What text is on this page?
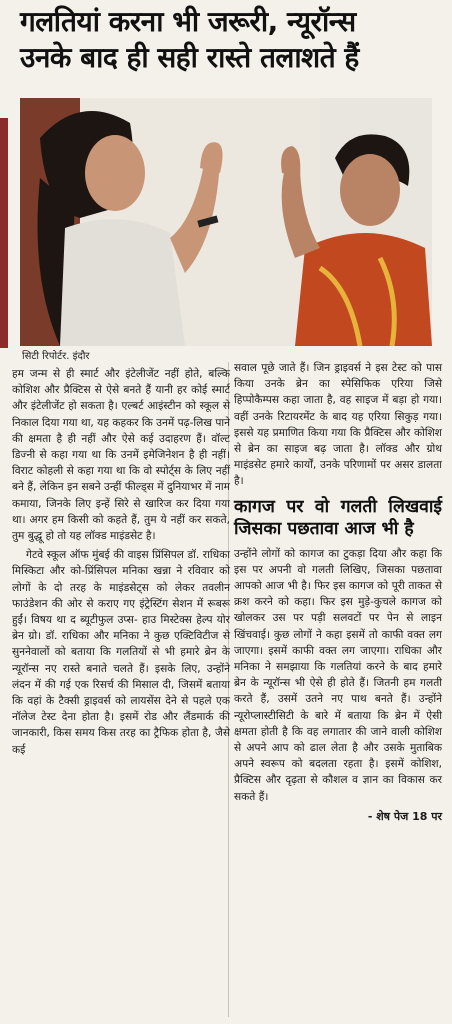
गलतियां करना भी जरूरी, न्यूरॉन्स
उनके बाद ही सही रास्ते तलाशते हैं
सिटी रिपोर्टर. इंदौर

हम जन्म से ही स्मार्ट और इंटेलीजेंट नहीं होते, बल्कि कोशिश और प्रैक्टिस से ऐसे बनते हैं यानी हर कोई स्मार्ट और इंटेलीजेंट हो सकता है। एल्बर्ट आइंस्टीन को स्कूल से निकाल दिया गया था, यह कहकर कि उनमें पढ़-लिख पाने की क्षमता है ही नहीं और ऐसे कई उदाहरण हैं। वॉल्ट डिज्नी से कहा गया था कि उनमें इमेजिनेशन है ही नहीं। विराट कोहली से कहा गया था कि वो स्पोर्ट्स के लिए नहीं बने हैं, लेकिन इन सबने उन्हीं फील्ड्स में दुनियाभर में नाम कमाया, जिनके लिए इन्हें सिरे से खारिज कर दिया गया था। अगर हम किसी को कहते हैं, तुम ये नहीं कर सकते, तुम बुद्धू हो तो यह लॉक्ड माइंडसेट है।

गेटवे स्कूल ऑफ मुंबई की वाइस प्रिंसिपल डॉ. राधिका मिस्किटा और को-प्रिंसिपल मनिका खन्ना ने रविवार को लोगों के दो तरह के माइंडसेट्स को लेकर तवलीन फाउंडेशन की ओर से कराए गए इंट्रेस्टिंग सेशन में रूबरू हुईं। विषय था द ब्यूटीफुल उप्स- हाउ मिस्टेक्स हेल्प योर ब्रेन ग्रो। डॉ. राधिका और मनिका ने कुछ एक्टिविटीज से सुननेवालों को बताया कि गलतियों से भी हमारे ब्रेन के न्यूरॉन्स नए रास्ते बनाते चलते हैं। इसके लिए, उन्होंने लंदन में की गई एक रिसर्च की मिसाल दी, जिसमें बताया कि वहां के टैक्सी ड्राइवर्स को लायसेंस देने से पहले एक नॉलेज टेस्ट देना होता है। इसमें रोड और लैंडमार्क की जानकारी, किस समय किस तरह का ट्रैफिक होता है, जैसे कई

सवाल पूछे जाते हैं। जिन ड्राइवर्स ने इस टेस्ट को पास किया उनके ब्रेन का स्पेसिफिक एरिया जिसे हिप्पोकैम्पस कहा जाता है, वह साइज में बड़ा हो गया। वहीं उनके रिटायरमेंट के बाद यह एरिया सिकुड़ गया। इससे यह प्रमाणित किया गया कि प्रैक्टिस और कोशिश से ब्रेन का साइज बढ़ जाता है। लॉक्ड और ग्रोथ माइंडसेट हमारे कार्यों, उनके परिणामों पर असर डालता है।

कागज पर वो गलती लिखवाई जिसका पछतावा आज भी है

उन्होंने लोगों को कागज का टुकड़ा दिया और कहा कि इस पर अपनी वो गलती लिखिए, जिसका पछतावा आपको आज भी है। फिर इस कागज को पूरी ताकत से क्रश करने को कहा। फिर इस मुड़े-कुचले कागज को खोलकर उस पर पड़ी सलवटों पर पेन से लाइन खिंचवाई। कुछ लोगों ने कहा इसमें तो काफी वक्त लग जाएगा। इसमें काफी वक्त लग जाएगा। राधिका और मनिका ने समझाया कि गलतियां करने के बाद हमारे ब्रेन के न्यूरॉन्स भी ऐसे ही होते हैं। जितनी हम गलती करते हैं, उसमें उतने नए पाथ बनते हैं। उन्होंने न्यूरोप्लास्टीसिटी के बारे में बताया कि ब्रेन में ऐसी क्षमता होती है कि वह लगातार की जाने वाली कोशिश से अपने आप को ढाल लेता है और उसके मुताबिक अपने स्वरूप को बदलता रहता है। इसमें कोशिश, प्रैक्टिस और दृढ़ता से कौशल व ज्ञान का विकास कर सकते हैं।

- शेष पेज 18 पर
